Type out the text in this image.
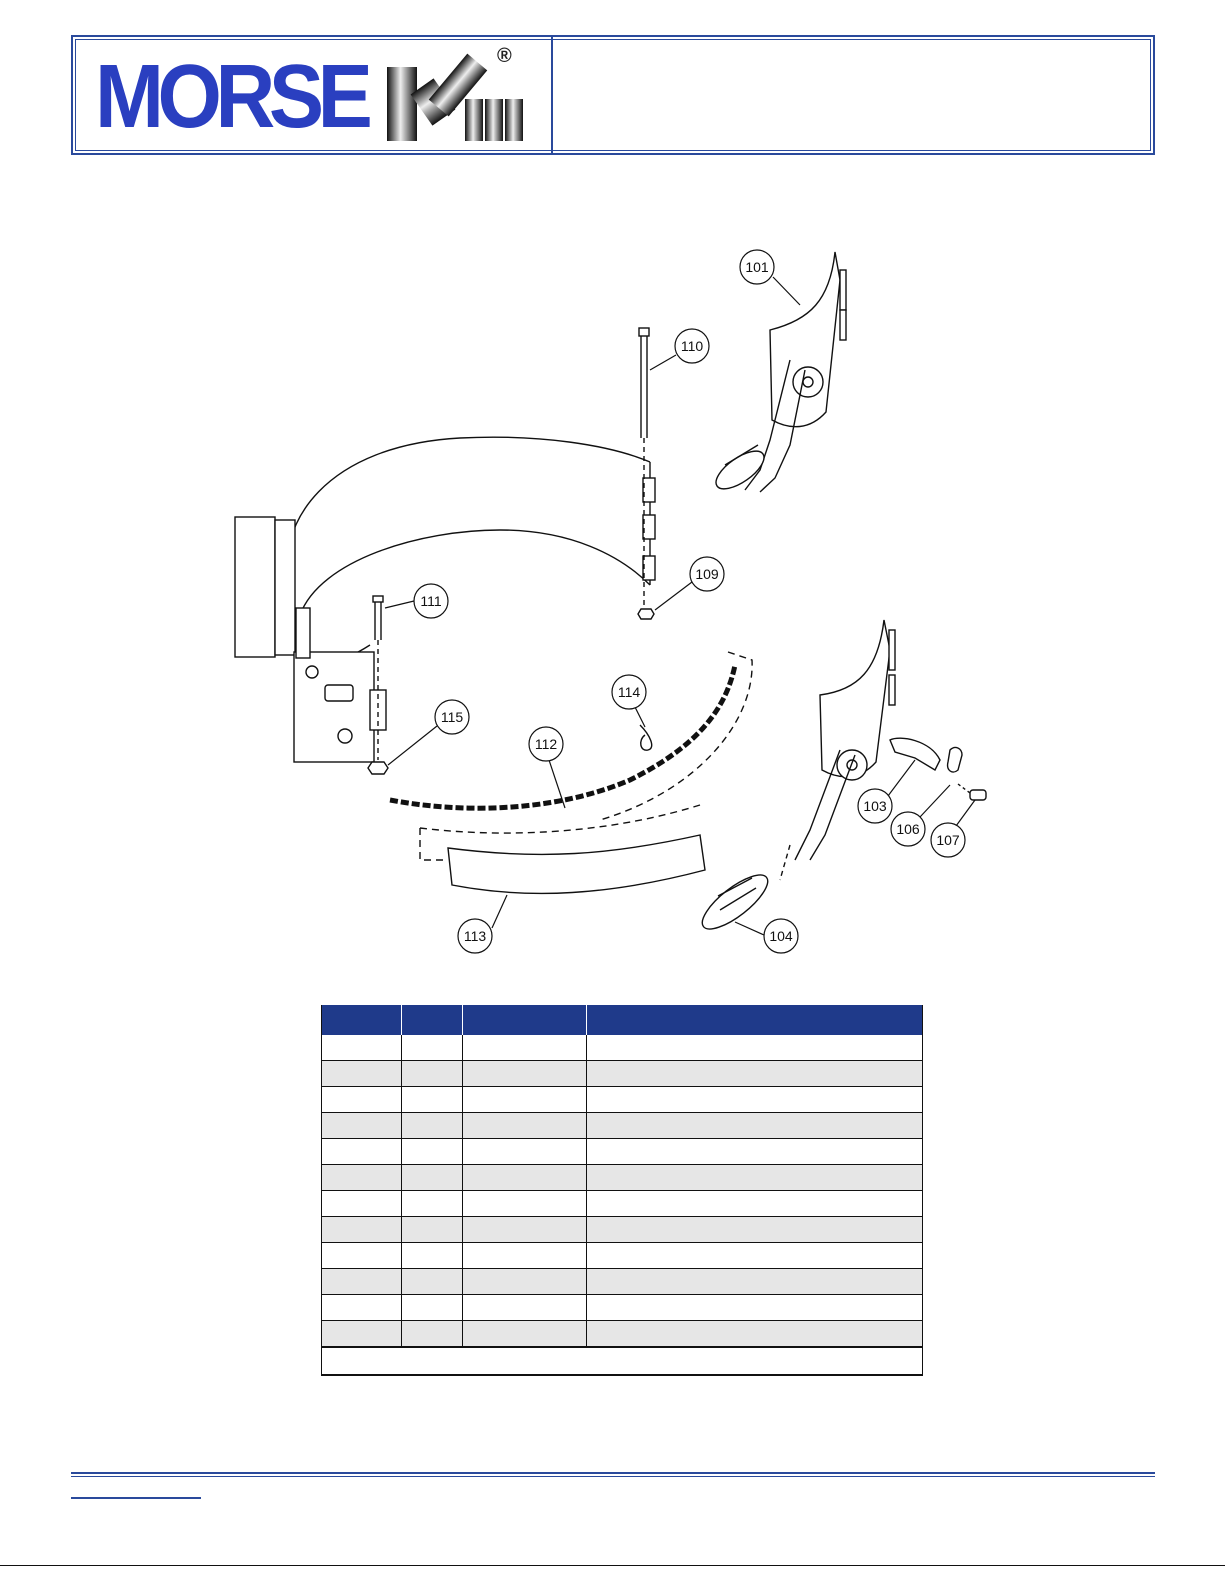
MORSE	®
101
110
109
111
115
114
112
113
103
106
107
104
